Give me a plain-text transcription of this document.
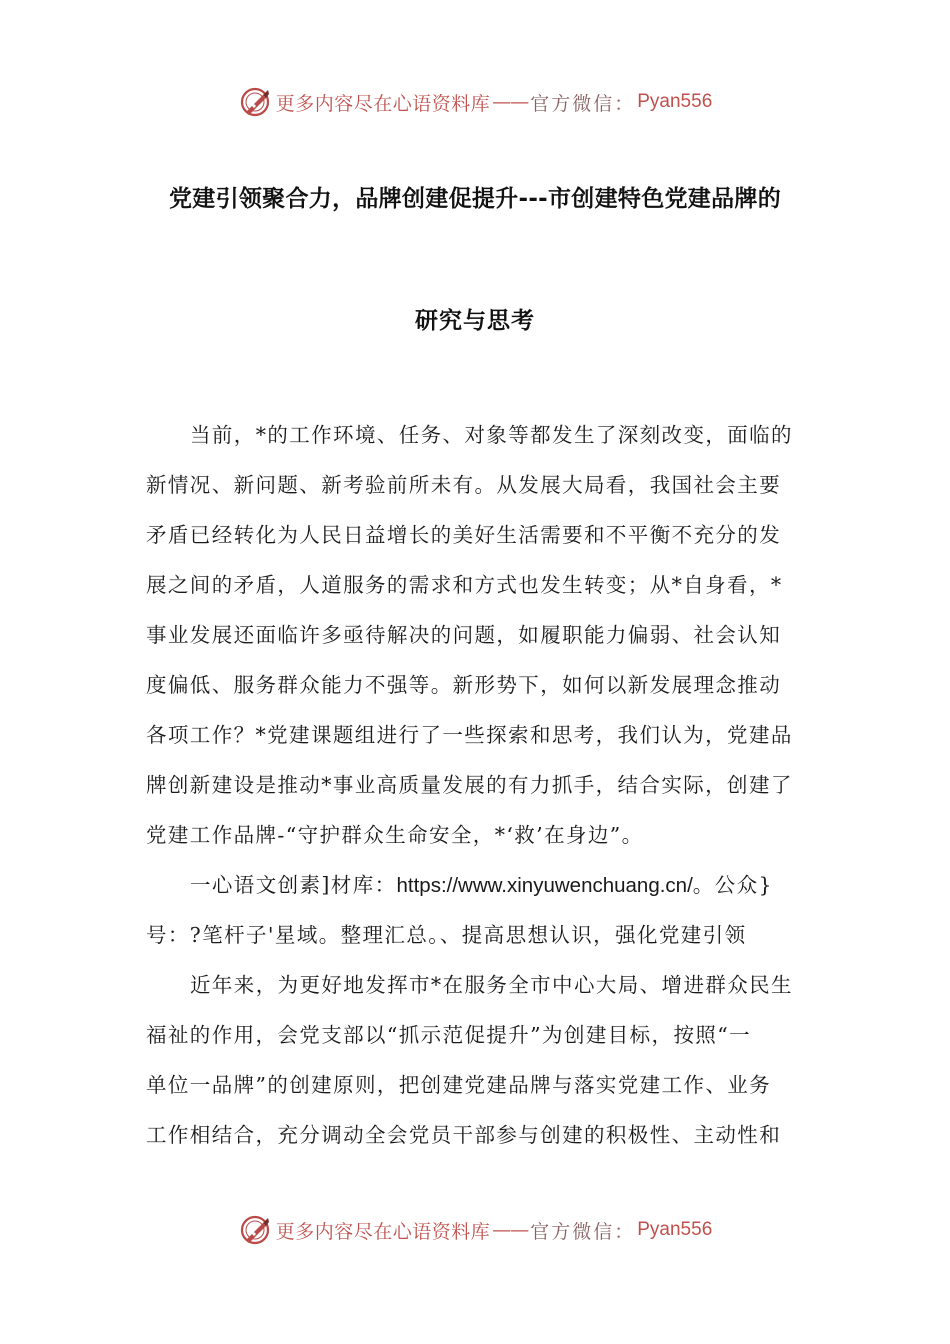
更多内容尽在心语资料库 —— 官方微信： Pyan556
党建引领聚合力，品牌创建促提升---市创建特色党建品牌的
研究与思考
当前，*的工作环境、任务、对象等都发生了深刻改变，面临的
新情况、新问题、新考验前所未有。从发展大局看，我国社会主要
矛盾已经转化为人民日益增长的美好生活需要和不平衡不充分的发
展之间的矛盾，人道服务的需求和方式也发生转变；从*自身看，*
事业发展还面临许多亟待解决的问题，如履职能力偏弱、社会认知
度偏低、服务群众能力不强等。新形势下，如何以新发展理念推动
各项工作？*党建课题组进行了一些探索和思考，我们认为，党建品
牌创新建设是推动*事业高质量发展的有力抓手，结合实际，创建了
党建工作品牌-“守护群众生命安全，*‘救’在身边”。
一心语文创素]材库：https://www.xinyuwenchuang.cn/。公众}
号：?笔杆子'星域。整理汇总。、提高思想认识，强化党建引领
近年来，为更好地发挥市*在服务全市中心大局、增进群众民生
福祉的作用，会党支部以“抓示范促提升”为创建目标，按照“一
单位一品牌”的创建原则，把创建党建品牌与落实党建工作、业务
工作相结合，充分调动全会党员干部参与创建的积极性、主动性和
更多内容尽在心语资料库 —— 官方微信： Pyan556
